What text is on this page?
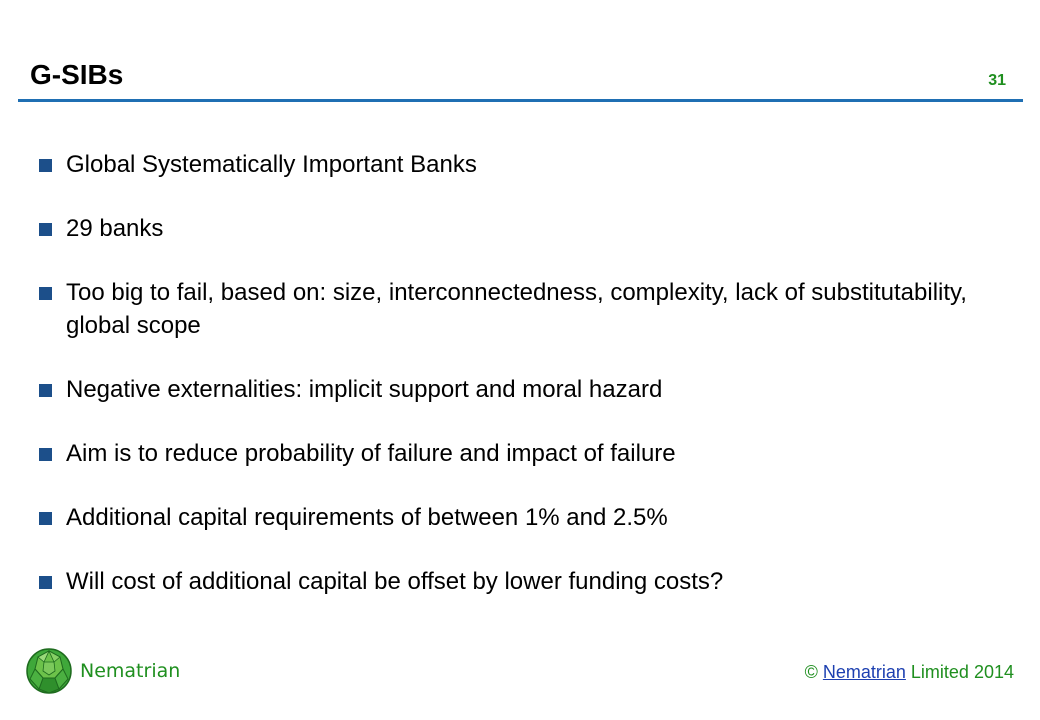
G-SIBs	31
Global Systematically Important Banks
29 banks
Too big to fail, based on: size, interconnectedness, complexity, lack of substitutability, global scope
Negative externalities: implicit support and moral hazard
Aim is to reduce probability of failure and impact of failure
Additional capital requirements of between 1% and 2.5%
Will cost of additional capital be offset by lower funding costs?
Nematrian	© Nematrian Limited 2014
